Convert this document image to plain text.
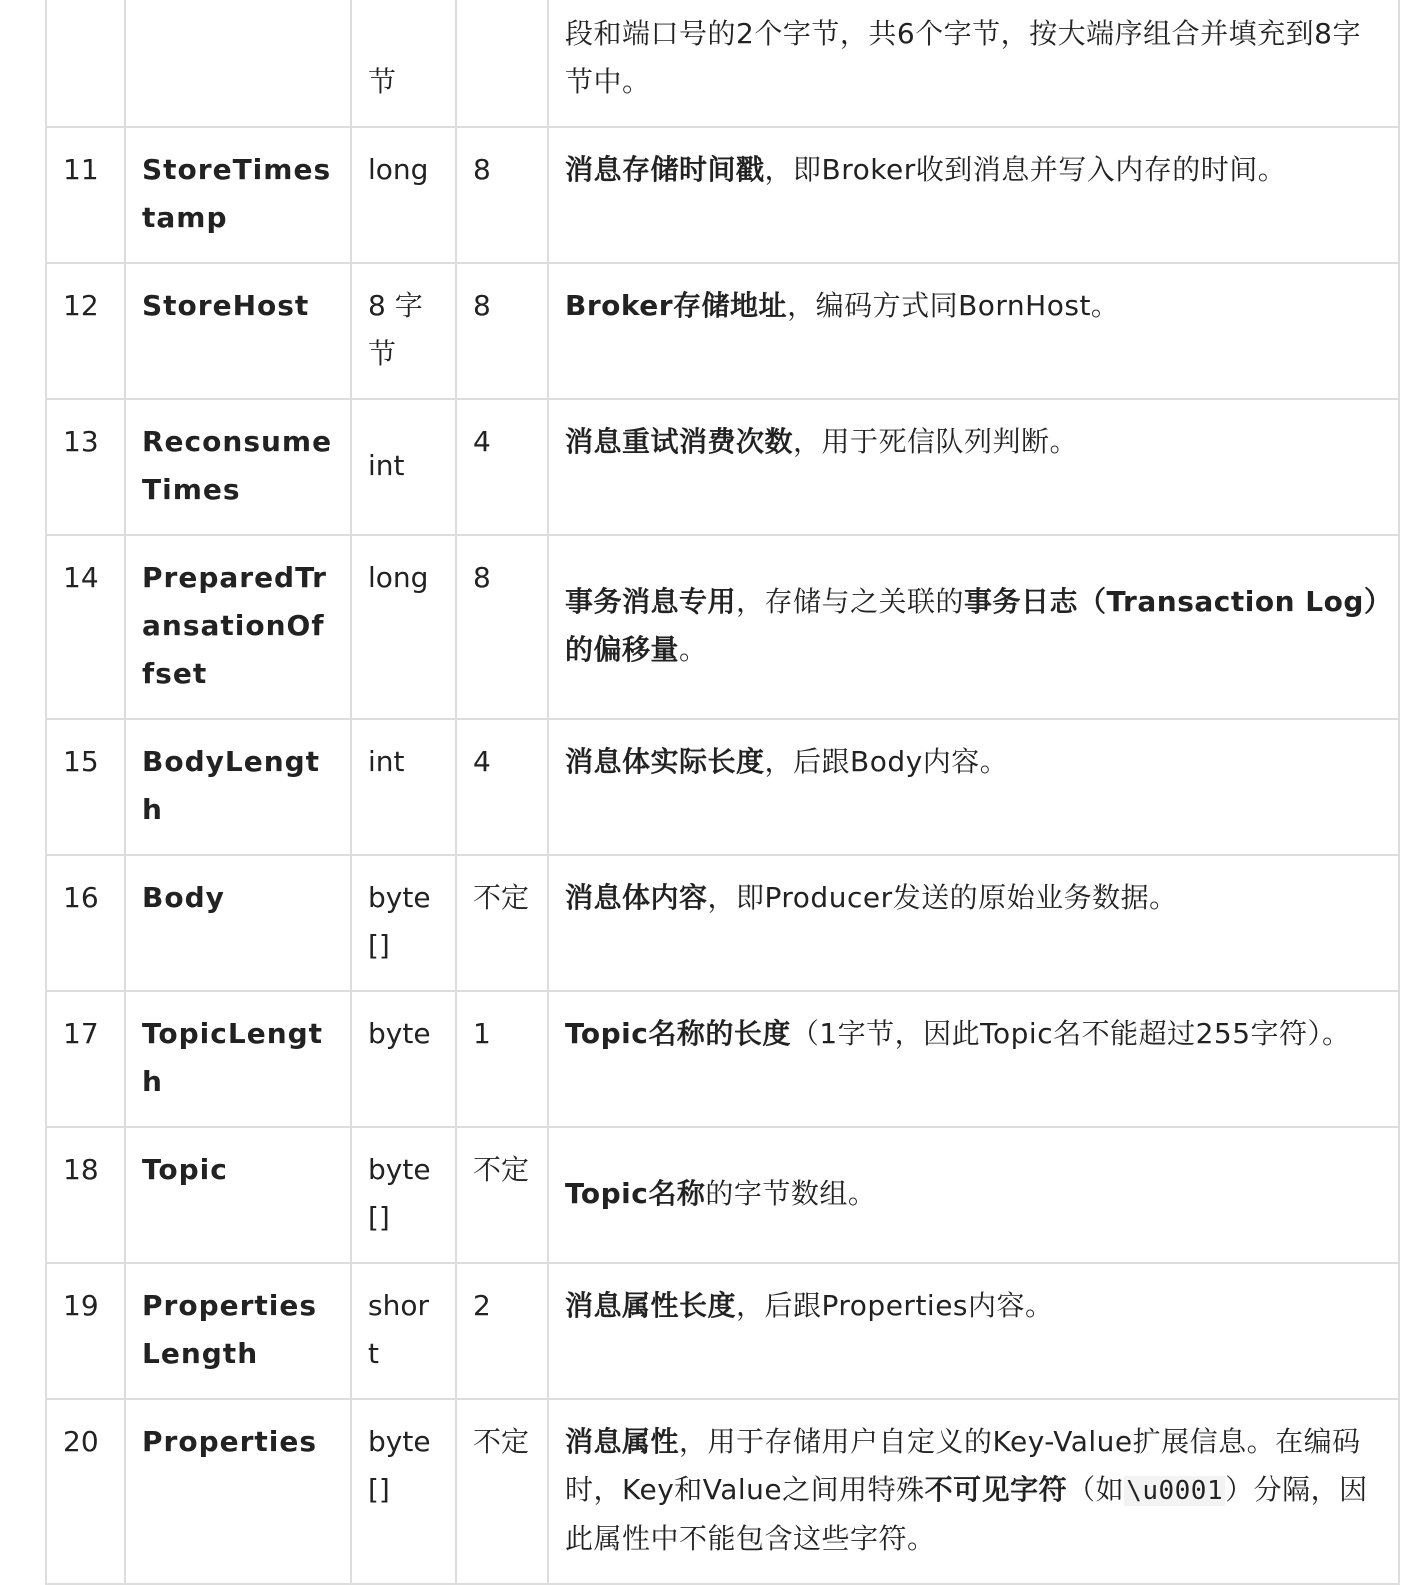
		节		段和端口号的2个字节，共6个字节，按大端序组合并填充到8字节中。
11	StoreTimestamp	long	8	消息存储时间戳，即Broker收到消息并写入内存的时间。
12	StoreHost	8 字节	8	Broker存储地址，编码方式同BornHost。
13	ReconsumeTimes	int	4	消息重试消费次数，用于死信队列判断。
14	PreparedTransationOffset	long	8	事务消息专用，存储与之关联的事务日志（Transaction Log）的偏移量。
15	BodyLength	int	4	消息体实际长度，后跟Body内容。
16	Body	byte[]	不定	消息体内容，即Producer发送的原始业务数据。
17	TopicLength	byte	1	Topic名称的长度（1字节，因此Topic名不能超过255字符）。
18	Topic	byte[]	不定	Topic名称的字节数组。
19	PropertiesLength	short	2	消息属性长度，后跟Properties内容。
20	Properties	byte[]	不定	消息属性，用于存储用户自定义的Key-Value扩展信息。在编码时，Key和Value之间用特殊不可见字符（如\u0001）分隔，因此属性中不能包含这些字符。
